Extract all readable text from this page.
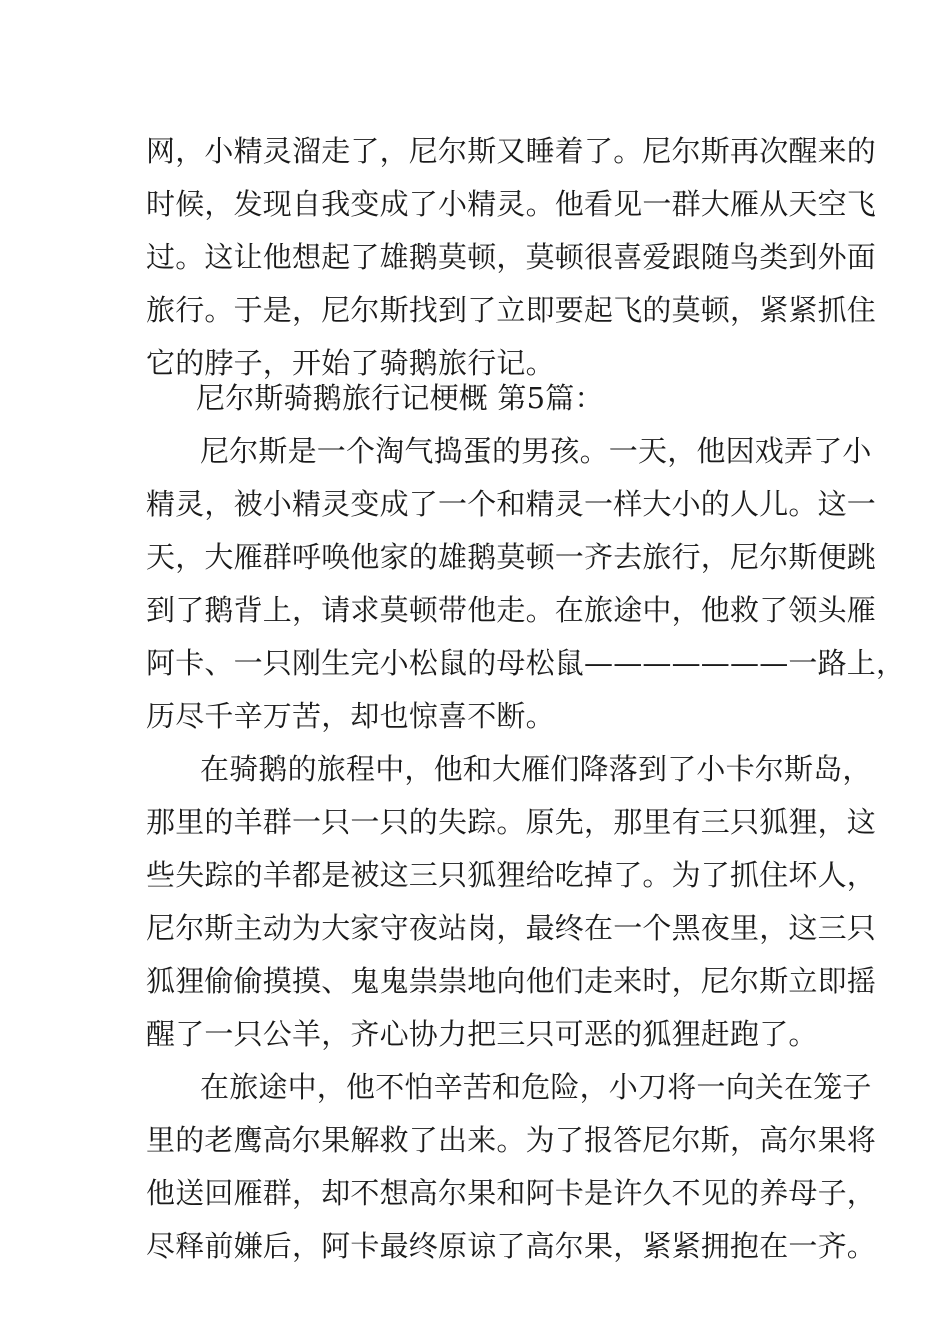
网，小精灵溜走了，尼尔斯又睡着了。尼尔斯再次醒来的
时候，发现自我变成了小精灵。他看见一群大雁从天空飞
过。这让他想起了雄鹅莫顿，莫顿很喜爱跟随鸟类到外面
旅行。于是，尼尔斯找到了立即要起飞的莫顿，紧紧抓住
它的脖子，开始了骑鹅旅行记。
尼尔斯骑鹅旅行记梗概 第5篇：
尼尔斯是一个淘气捣蛋的男孩。一天，他因戏弄了小
精灵，被小精灵变成了一个和精灵一样大小的人儿。这一
天，大雁群呼唤他家的雄鹅莫顿一齐去旅行，尼尔斯便跳
到了鹅背上，请求莫顿带他走。在旅途中，他救了领头雁
阿卡、一只刚生完小松鼠的母松鼠———————一路上，
历尽千辛万苦，却也惊喜不断。
在骑鹅的旅程中，他和大雁们降落到了小卡尔斯岛，
那里的羊群一只一只的失踪。原先，那里有三只狐狸，这
些失踪的羊都是被这三只狐狸给吃掉了。为了抓住坏人，
尼尔斯主动为大家守夜站岗，最终在一个黑夜里，这三只
狐狸偷偷摸摸、鬼鬼祟祟地向他们走来时，尼尔斯立即摇
醒了一只公羊，齐心协力把三只可恶的狐狸赶跑了。
在旅途中，他不怕辛苦和危险，小刀将一向关在笼子
里的老鹰高尔果解救了出来。为了报答尼尔斯，高尔果将
他送回雁群，却不想高尔果和阿卡是许久不见的养母子，
尽释前嫌后，阿卡最终原谅了高尔果，紧紧拥抱在一齐。
